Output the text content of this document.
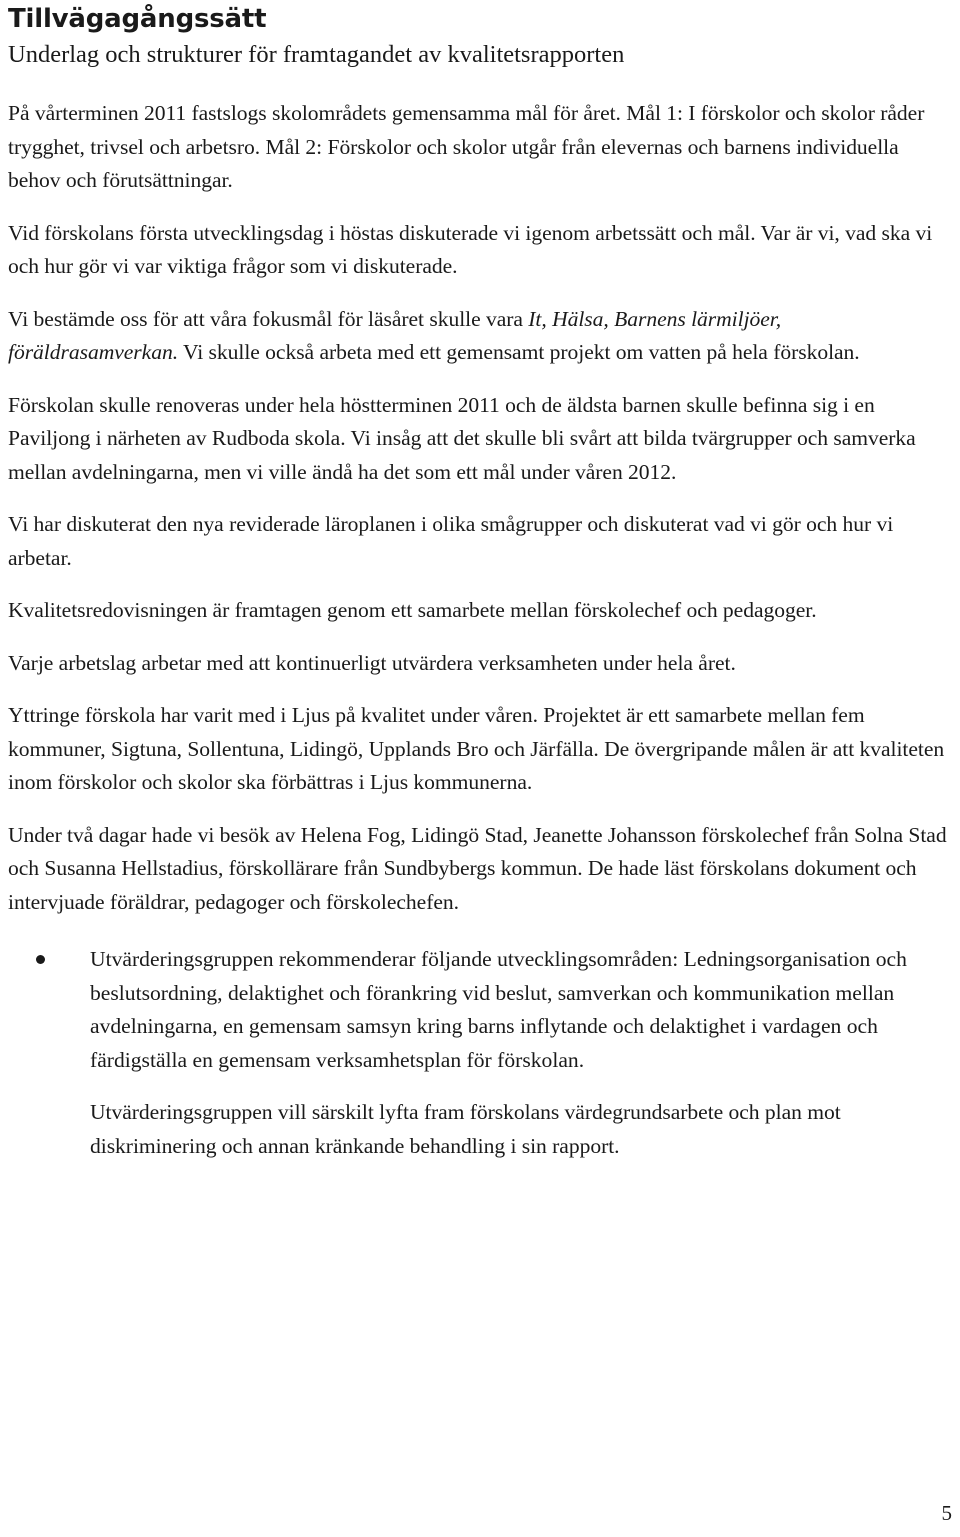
Tillvägagångssätt
Underlag och strukturer för framtagandet av kvalitetsrapporten

På vårterminen 2011 fastslogs skolområdets gemensamma mål för året. Mål 1: I förskolor och skolor råder trygghet, trivsel och arbetsro. Mål 2: Förskolor och skolor utgår från elevernas och barnens individuella behov och förutsättningar.

Vid förskolans första utvecklingsdag i höstas diskuterade vi igenom arbetssätt och mål. Var är vi, vad ska vi och hur gör vi var viktiga frågor som vi diskuterade.

Vi bestämde oss för att våra fokusmål för läsåret skulle vara It, Hälsa, Barnens lärmiljöer, föräldrasamverkan. Vi skulle också arbeta med ett gemensamt projekt om vatten på hela förskolan.

Förskolan skulle renoveras under hela höstterminen 2011 och de äldsta barnen skulle befinna sig i en Paviljong i närheten av Rudboda skola. Vi insåg att det skulle bli svårt att bilda tvärgrupper och samverka mellan avdelningarna, men vi ville ändå ha det som ett mål under våren 2012.

Vi har diskuterat den nya reviderade läroplanen i olika smågrupper och diskuterat vad vi gör och hur vi arbetar.

Kvalitetsredovisningen är framtagen genom ett samarbete mellan förskolechef och pedagoger.

Varje arbetslag arbetar med att kontinuerligt utvärdera verksamheten under hela året.

Yttringe förskola har varit med i Ljus på kvalitet under våren. Projektet är ett samarbete mellan fem kommuner, Sigtuna, Sollentuna, Lidingö, Upplands Bro och Järfälla. De övergripande målen är att kvaliteten inom förskolor och skolor ska förbättras i Ljus kommunerna.

Under två dagar hade vi besök av Helena Fog, Lidingö Stad, Jeanette Johansson förskolechef från Solna Stad och Susanna Hellstadius, förskollärare från Sundbybergs kommun. De hade läst förskolans dokument och intervjuade föräldrar, pedagoger och förskolechefen.

Utvärderingsgruppen rekommenderar följande utvecklingsområden: Ledningsorganisation och beslutsordning, delaktighet och förankring vid beslut, samverkan och kommunikation mellan avdelningarna, en gemensam samsyn kring barns inflytande och delaktighet i vardagen och färdigställa en gemensam verksamhetsplan för förskolan.

Utvärderingsgruppen vill särskilt lyfta fram förskolans värdegrundsarbete och plan mot diskriminering och annan kränkande behandling i sin rapport.

5
